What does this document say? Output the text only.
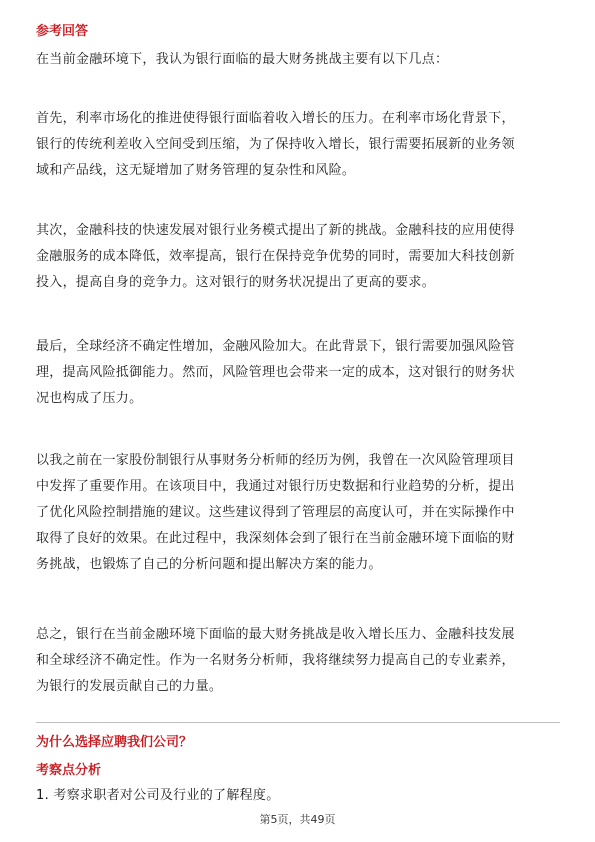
参考回答
在当前金融环境下，我认为银行面临的最大财务挑战主要有以下几点：
首先，利率市场化的推进使得银行面临着收入增长的压力。在利率市场化背景下，
银行的传统利差收入空间受到压缩，为了保持收入增长，银行需要拓展新的业务领
域和产品线，这无疑增加了财务管理的复杂性和风险。
其次，金融科技的快速发展对银行业务模式提出了新的挑战。金融科技的应用使得
金融服务的成本降低，效率提高，银行在保持竞争优势的同时，需要加大科技创新
投入，提高自身的竞争力。这对银行的财务状况提出了更高的要求。
最后，全球经济不确定性增加，金融风险加大。在此背景下，银行需要加强风险管
理，提高风险抵御能力。然而，风险管理也会带来一定的成本，这对银行的财务状
况也构成了压力。
以我之前在一家股份制银行从事财务分析师的经历为例，我曾在一次风险管理项目
中发挥了重要作用。在该项目中，我通过对银行历史数据和行业趋势的分析，提出
了优化风险控制措施的建议。这些建议得到了管理层的高度认可，并在实际操作中
取得了良好的效果。在此过程中，我深刻体会到了银行在当前金融环境下面临的财
务挑战，也锻炼了自己的分析问题和提出解决方案的能力。
总之，银行在当前金融环境下面临的最大财务挑战是收入增长压力、金融科技发展
和全球经济不确定性。作为一名财务分析师，我将继续努力提高自己的专业素养，
为银行的发展贡献自己的力量。
为什么选择应聘我们公司？
考察点分析
1. 考察求职者对公司及行业的了解程度。
第5页，共49页
